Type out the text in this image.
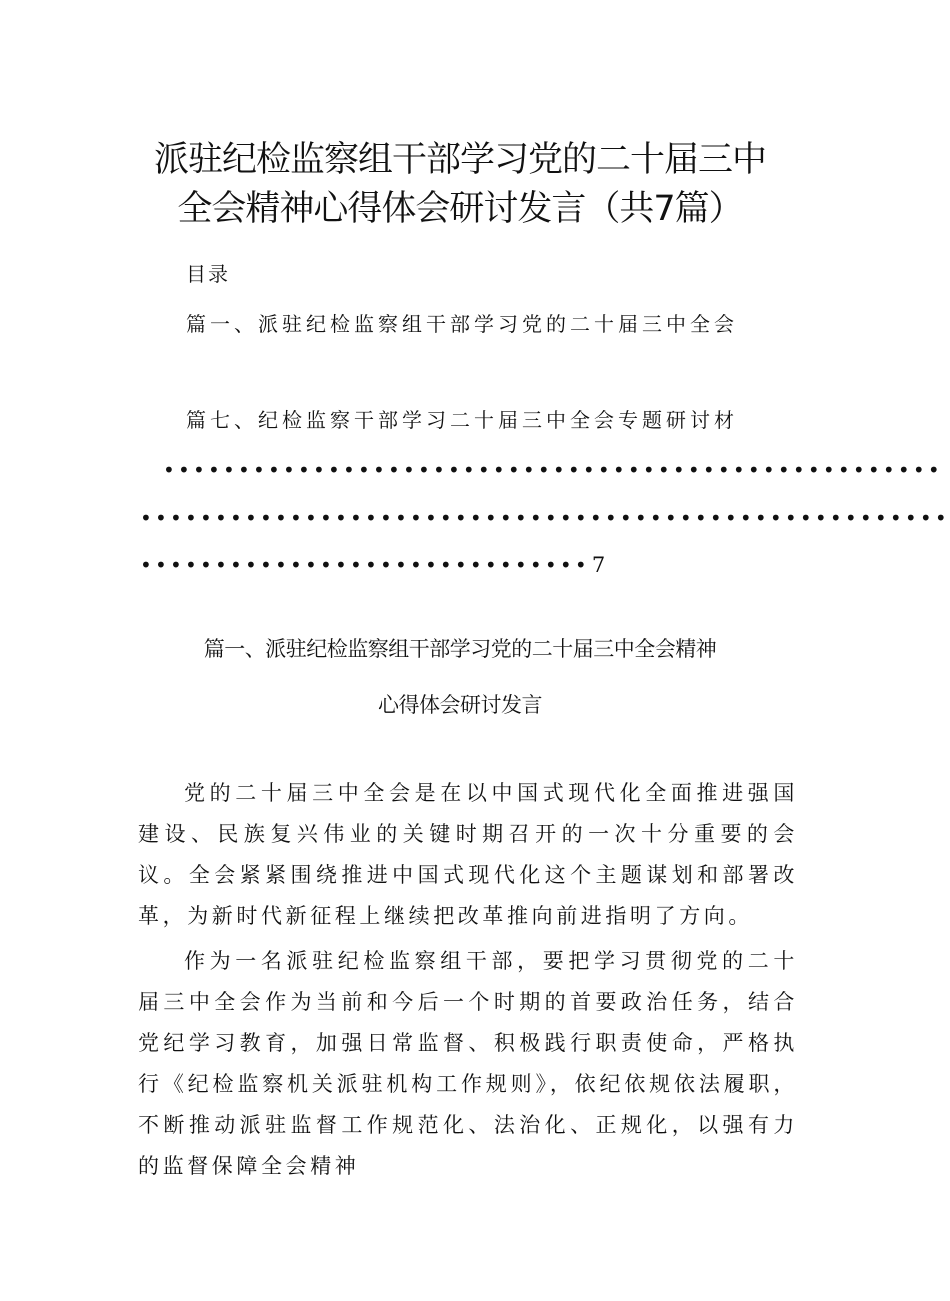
派驻纪检监察组干部学习党的二十届三中
全会精神心得体会研讨发言（共7篇）
目录
篇一、派驻纪检监察组干部学习党的二十届三中全会
篇七、纪检监察干部学习二十届三中全会专题研讨材
••••••••••••••••••••••••••••••••••••••••••••••••••••
••••••••••••••••••••••••••••••••••••••••••••••••••••••
••••••••••••••••••••••••••••••7
篇一、派驻纪检监察组干部学习党的二十届三中全会精神
心得体会研讨发言

党的二十届三中全会是在以中国式现代化全面推进强国建设、民族复兴伟业的关键时期召开的一次十分重要的会议。全会紧紧围绕推进中国式现代化这个主题谋划和部署改革，为新时代新征程上继续把改革推向前进指明了方向。

作为一名派驻纪检监察组干部，要把学习贯彻党的二十届三中全会作为当前和今后一个时期的首要政治任务，结合党纪学习教育，加强日常监督、积极践行职责使命，严格执行《纪检监察机关派驻机构工作规则》，依纪依规依法履职，不断推动派驻监督工作规范化、法治化、正规化，以强有力的监督保障全会精神
